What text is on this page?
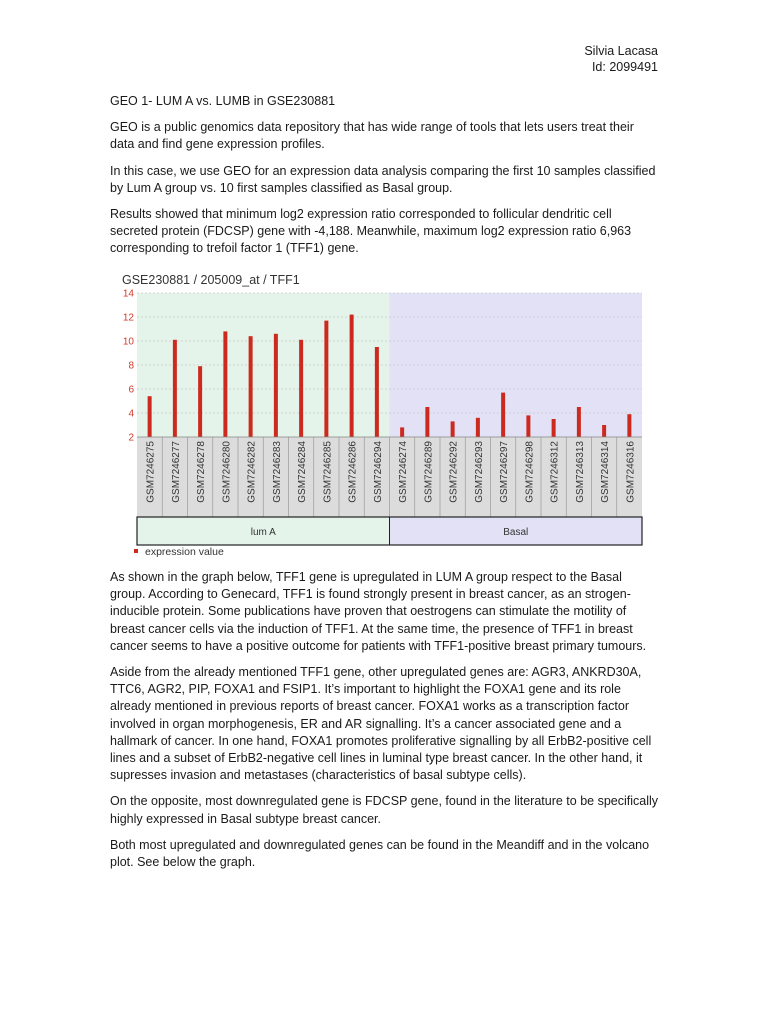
Silvia Lacasa
Id: 2099491

GEO 1- LUM A vs. LUMB in GSE230881

GEO is a public genomics data repository that has wide range of tools that lets users treat their data and find gene expression profiles.

In this case, we use GEO for an expression data analysis comparing the first 10 samples classified by Lum A group vs. 10 first samples classified as Basal group.

Results showed that minimum log2 expression ratio corresponded to follicular dendritic cell secreted protein (FDCSP) gene with -4,188. Meanwhile, maximum log2 expression ratio 6,963 corresponding to trefoil factor 1 (TFF1) gene.

2
4
6
8
10
12
14
GSM7246275 GSM7246277 GSM7246278 GSM7246280 GSM7246282 GSM7246283 GSM7246284 GSM7246285 GSM7246286 GSM7246294 GSM7246274 GSM7246289 GSM7246292 GSM7246293 GSM7246297 GSM7246298 GSM7246312 GSM7246313 GSM7246314 GSM7246316
lum A	Basal
GSE230881 / 205009_at / TFF1
expression value

As shown in the graph below, TFF1 gene is upregulated in LUM A group respect to the Basal group. According to Genecard, TFF1 is found strongly present in breast cancer, as an strogen-inducible protein. Some publications have proven that oestrogens can stimulate the motility of breast cancer cells via the induction of TFF1. At the same time, the presence of TFF1 in breast cancer seems to have a positive outcome for patients with TFF1-positive breast primary tumours.

Aside from the already mentioned TFF1 gene, other upregulated genes are: AGR3, ANKRD30A, TTC6, AGR2, PIP, FOXA1 and FSIP1. It’s important to highlight the FOXA1 gene and its role already mentioned in previous reports of breast cancer. FOXA1 works as a transcription factor involved in organ morphogenesis, ER and AR signalling. It’s a cancer associated gene and a hallmark of cancer. In one hand, FOXA1 promotes proliferative signalling by all ErbB2-positive cell lines and a subset of ErbB2-negative cell lines in luminal type breast cancer. In the other hand, it supresses invasion and metastases (characteristics of basal subtype cells).

On the opposite, most downregulated gene is FDCSP gene, found in the literature to be specifically highly expressed in Basal subtype breast cancer.

Both most upregulated and downregulated genes can be found in the Meandiff and in the volcano plot. See below the graph.
